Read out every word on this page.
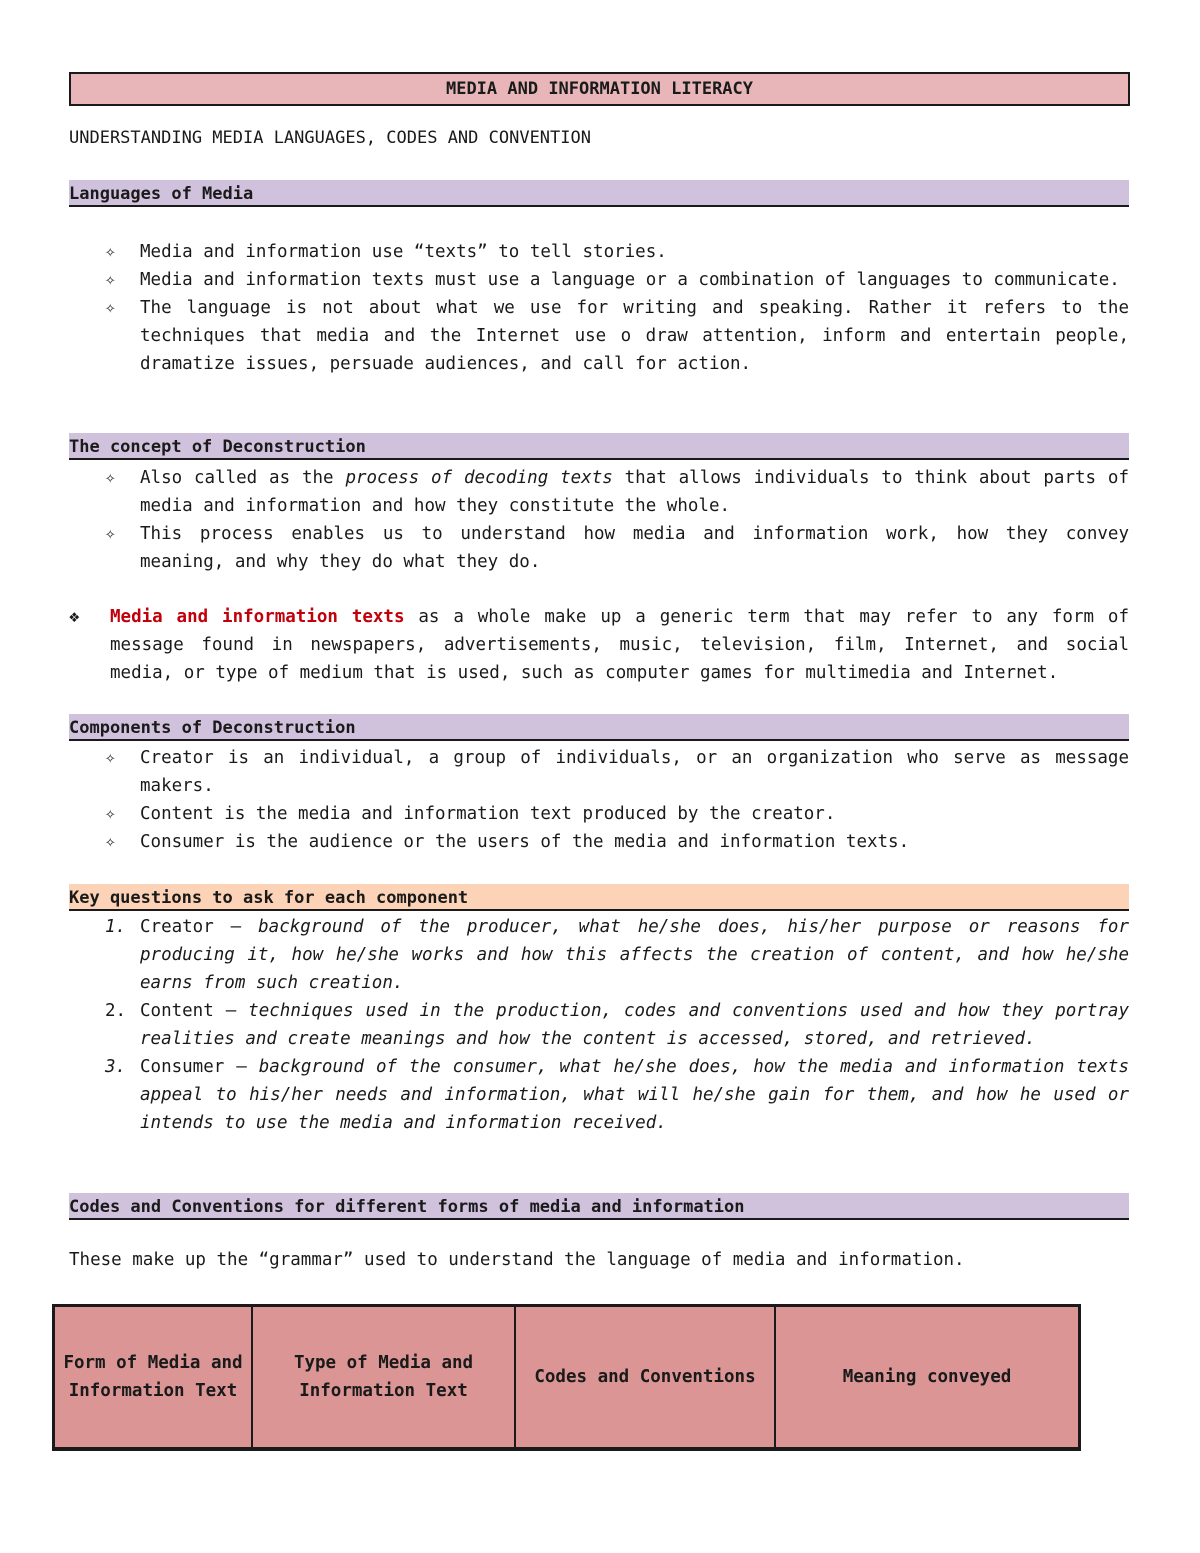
MEDIA AND INFORMATION LITERACY
UNDERSTANDING MEDIA LANGUAGES, CODES AND CONVENTION
Languages of Media
✧	Media and information use “texts” to tell stories.
✧	Media and information texts must use a language or a combination of languages to communicate.
✧	The language is not about what we use for writing and speaking. Rather it refers to the techniques that media and the Internet use o draw attention, inform and entertain people, dramatize issues, persuade audiences, and call for action.
The concept of Deconstruction
✧	Also called as the process of decoding texts that allows individuals to think about parts of media and information and how they constitute the whole.
✧	This process enables us to understand how media and information work, how they convey meaning, and why they do what they do.
❖	Media and information texts as a whole make up a generic term that may refer to any form of message found in newspapers, advertisements, music, television, film, Internet, and social media, or type of medium that is used, such as computer games for multimedia and Internet.
Components of Deconstruction
✧	Creator is an individual, a group of individuals, or an organization who serve as message makers.
✧	Content is the media and information text produced by the creator.
✧	Consumer is the audience or the users of the media and information texts.
Key questions to ask for each component
1. Creator – background of the producer, what he/she does, his/her purpose or reasons for producing it, how he/she works and how this affects the creation of content, and how he/she earns from such creation.
2. Content – techniques used in the production, codes and conventions used and how they portray realities and create meanings and how the content is accessed, stored, and retrieved.
3. Consumer – background of the consumer, what he/she does, how the media and information texts appeal to his/her needs and information, what will he/she gain for them, and how he used or intends to use the media and information received.
Codes and Conventions for different forms of media and information
These make up the “grammar” used to understand the language of media and information.
Form of Media and Information Text	Type of Media and Information Text	Codes and Conventions	Meaning conveyed
